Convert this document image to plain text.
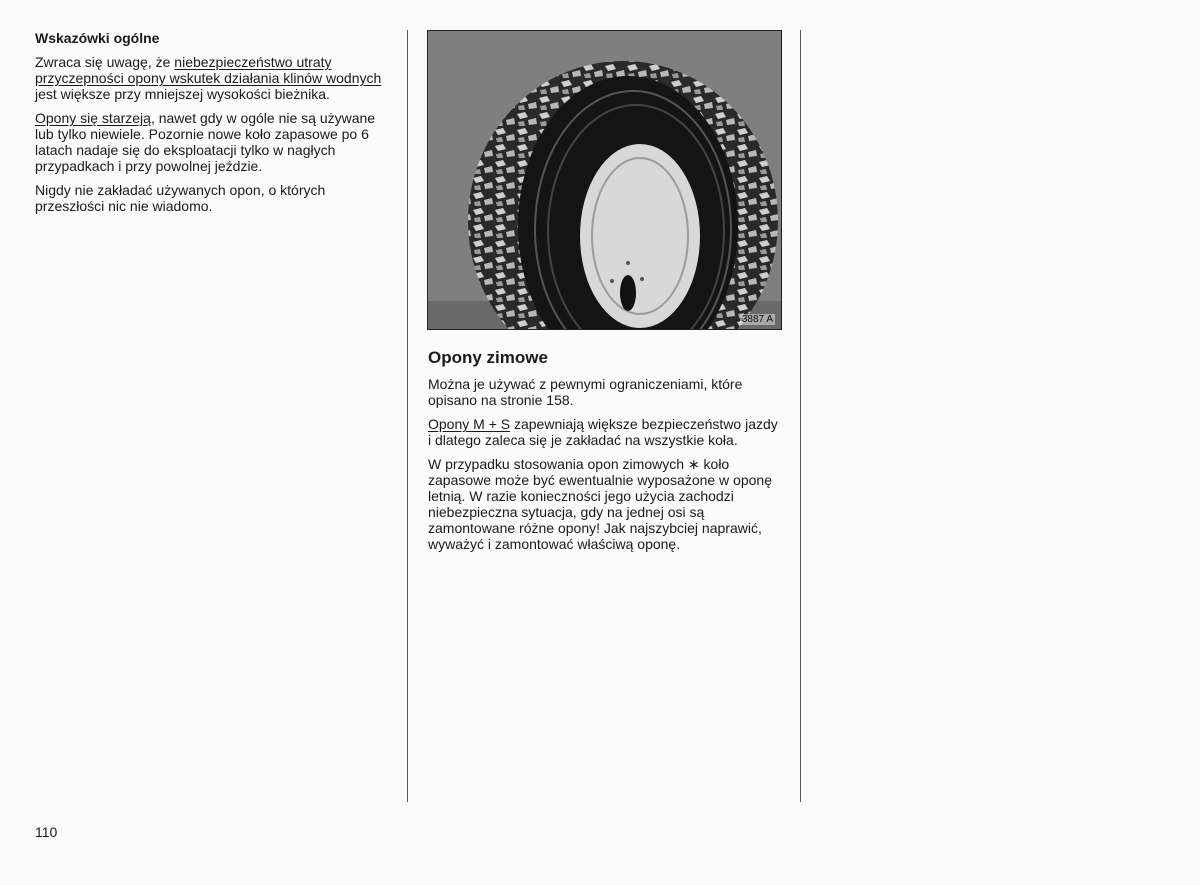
Wskazówki ogólne

Zwraca się uwagę, że niebezpieczeństwo utraty przyczepności opony wskutek działania klinów wodnych jest większe przy mniejszej wysokości bieżnika.

Opony się starzeją, nawet gdy w ogóle nie są używane lub tylko niewiele. Pozornie nowe koło zapasowe po 6 latach nadaje się do eksploatacji tylko w nagłych przypadkach i przy powolnej jeździe.

Nigdy nie zakładać używanych opon, o których przeszłości nic nie wiadomo.

3887 A

Opony zimowe

Można je używać z pewnymi ograniczeniami, które opisano na stronie 158.

Opony M + S zapewniają większe bezpieczeństwo jazdy i dlatego zaleca się je zakładać na wszystkie koła.

W przypadku stosowania opon zimowych ∗ koło zapasowe może być ewentualnie wyposażone w oponę letnią. W razie konieczności jego użycia zachodzi niebezpieczna sytuacja, gdy na jednej osi są zamontowane różne opony! Jak najszybciej naprawić, wyważyć i zamontować właściwą oponę.

110
